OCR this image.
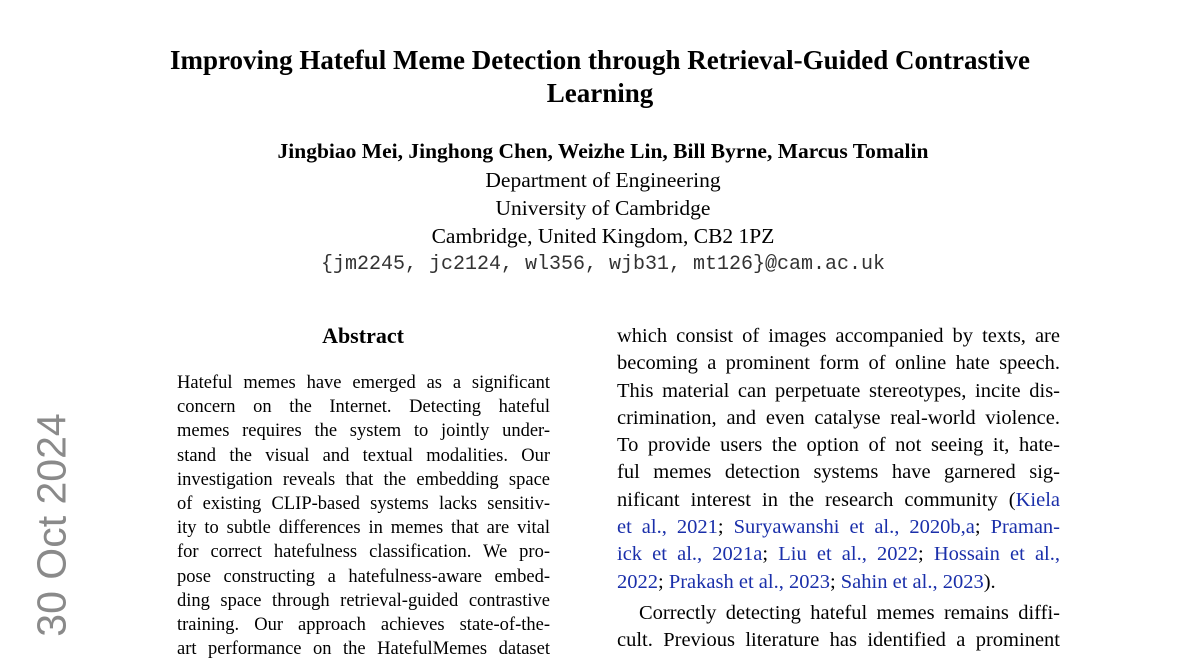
Improving Hateful Meme Detection through Retrieval-Guided Contrastive
Learning
Jingbiao Mei, Jinghong Chen, Weizhe Lin, Bill Byrne, Marcus Tomalin
Department of Engineering
University of Cambridge
Cambridge, United Kingdom, CB2 1PZ
{jm2245, jc2124, wl356, wjb31, mt126}@cam.ac.uk
30 Oct 2024
Abstract
Hateful memes have emerged as a significant
concern on the Internet. Detecting hateful
memes requires the system to jointly under-
stand the visual and textual modalities. Our
investigation reveals that the embedding space
of existing CLIP-based systems lacks sensitiv-
ity to subtle differences in memes that are vital
for correct hatefulness classification. We pro-
pose constructing a hatefulness-aware embed-
ding space through retrieval-guided contrastive
training. Our approach achieves state-of-the-
art performance on the HatefulMemes dataset
which consist of images accompanied by texts, are
becoming a prominent form of online hate speech.
This material can perpetuate stereotypes, incite dis-
crimination, and even catalyse real-world violence.
To provide users the option of not seeing it, hate-
ful memes detection systems have garnered sig-
nificant interest in the research community (Kiela
et al., 2021; Suryawanshi et al., 2020b,a; Praman-
ick et al., 2021a; Liu et al., 2022; Hossain et al.,
2022; Prakash et al., 2023; Sahin et al., 2023).
Correctly detecting hateful memes remains diffi-
cult. Previous literature has identified a prominent
